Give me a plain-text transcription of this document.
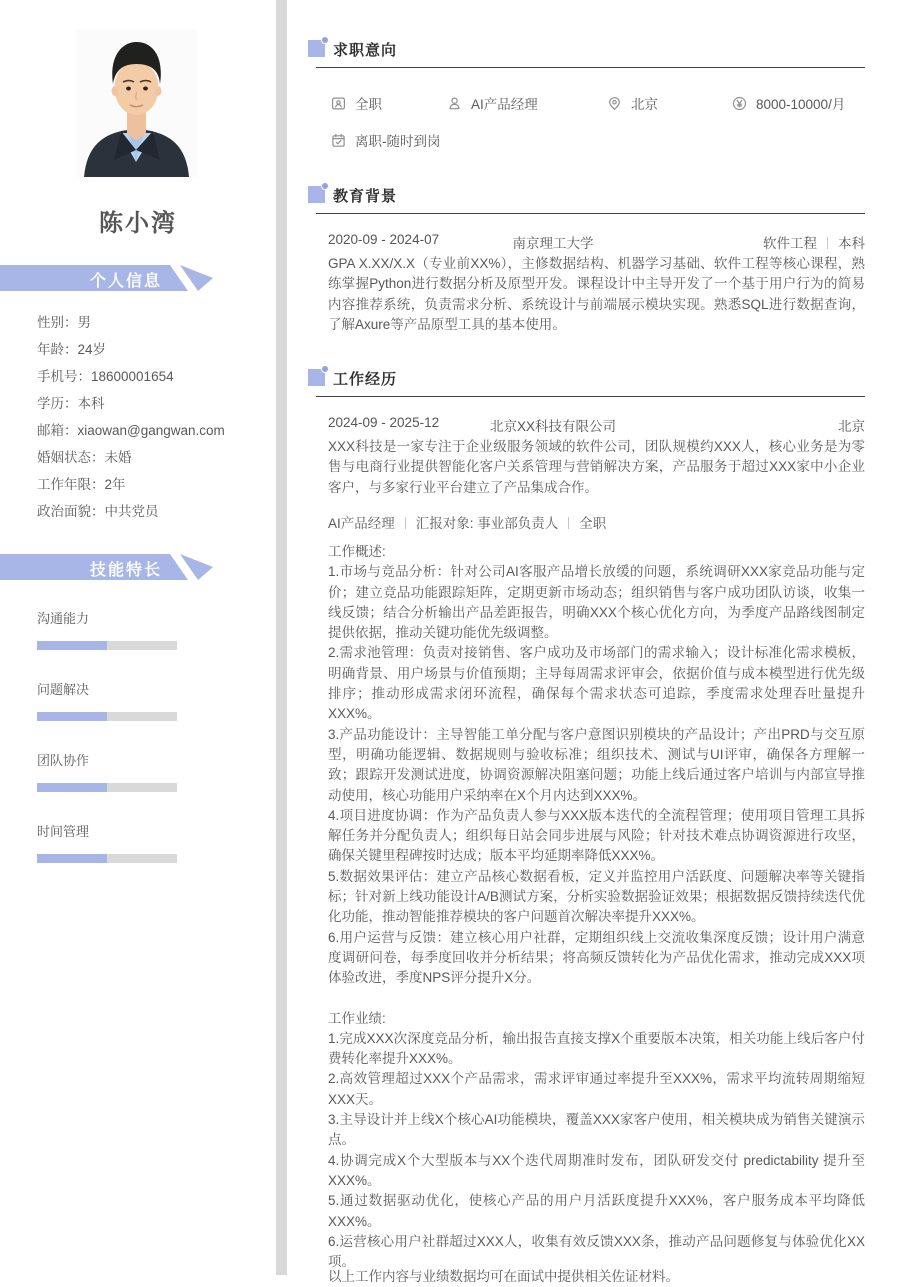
陈小湾
个人信息
性别：男
年龄：24岁
手机号：18600001654
学历：本科
邮箱：xiaowan@gangwan.com
婚姻状态：未婚
工作年限：2年
政治面貌：中共党员
技能特长
沟通能力
问题解决
团队协作
时间管理
求职意向
全职	AI产品经理	北京	8000-10000/月
离职-随时到岗
教育背景
2020-09 - 2024-07	南京理工大学	软件工程 本科
GPA X.XX/X.X（专业前XX%），主修数据结构、机器学习基础、软件工程等核心课程，熟练掌握Python进行数据分析及原型开发。课程设计中主导开发了一个基于用户行为的简易内容推荐系统，负责需求分析、系统设计与前端展示模块实现。熟悉SQL进行数据查询，了解Axure等产品原型工具的基本使用。
工作经历
2024-09 - 2025-12	北京XX科技有限公司	北京
XXX科技是一家专注于企业级服务领域的软件公司，团队规模约XXX人，核心业务是为零售与电商行业提供智能化客户关系管理与营销解决方案，产品服务于超过XXX家中小企业客户，与多家行业平台建立了产品集成合作。
AI产品经理 汇报对象: 事业部负责人 全职
工作概述:
1.市场与竞品分析：针对公司AI客服产品增长放缓的问题，系统调研XXX家竞品功能与定价；建立竞品功能跟踪矩阵，定期更新市场动态；组织销售与客户成功团队访谈，收集一线反馈；结合分析输出产品差距报告，明确XXX个核心优化方向，为季度产品路线图制定提供依据，推动关键功能优先级调整。
2.需求池管理：负责对接销售、客户成功及市场部门的需求输入；设计标准化需求模板，明确背景、用户场景与价值预期；主导每周需求评审会，依据价值与成本模型进行优先级排序；推动形成需求闭环流程，确保每个需求状态可追踪，季度需求处理吞吐量提升XXX%。
3.产品功能设计：主导智能工单分配与客户意图识别模块的产品设计；产出PRD与交互原型，明确功能逻辑、数据规则与验收标准；组织技术、测试与UI评审，确保各方理解一致；跟踪开发测试进度，协调资源解决阻塞问题；功能上线后通过客户培训与内部宣导推动使用，核心功能用户采纳率在X个月内达到XXX%。
4.项目进度协调：作为产品负责人参与XXX版本迭代的全流程管理；使用项目管理工具拆解任务并分配负责人；组织每日站会同步进展与风险；针对技术难点协调资源进行攻坚，确保关键里程碑按时达成；版本平均延期率降低XXX%。
5.数据效果评估：建立产品核心数据看板，定义并监控用户活跃度、问题解决率等关键指标；针对新上线功能设计A/B测试方案，分析实验数据验证效果；根据数据反馈持续迭代优化功能，推动智能推荐模块的客户问题首次解决率提升XXX%。
6.用户运营与反馈：建立核心用户社群，定期组织线上交流收集深度反馈；设计用户满意度调研问卷，每季度回收并分析结果；将高频反馈转化为产品优化需求，推动完成XXX项体验改进，季度NPS评分提升X分。
工作业绩:
1.完成XXX次深度竞品分析，输出报告直接支撑X个重要版本决策，相关功能上线后客户付费转化率提升XXX%。
2.高效管理超过XXX个产品需求，需求评审通过率提升至XXX%，需求平均流转周期缩短XXX天。
3.主导设计并上线X个核心AI功能模块，覆盖XXX家客户使用，相关模块成为销售关键演示点。
4.协调完成X个大型版本与XX个迭代周期准时发布，团队研发交付 predictability 提升至XXX%。
5.通过数据驱动优化，使核心产品的用户月活跃度提升XXX%，客户服务成本平均降低XXX%。
6.运营核心用户社群超过XXX人，收集有效反馈XXX条，推动产品问题修复与体验优化XX项。
以上工作内容与业绩数据均可在面试中提供相关佐证材料。
